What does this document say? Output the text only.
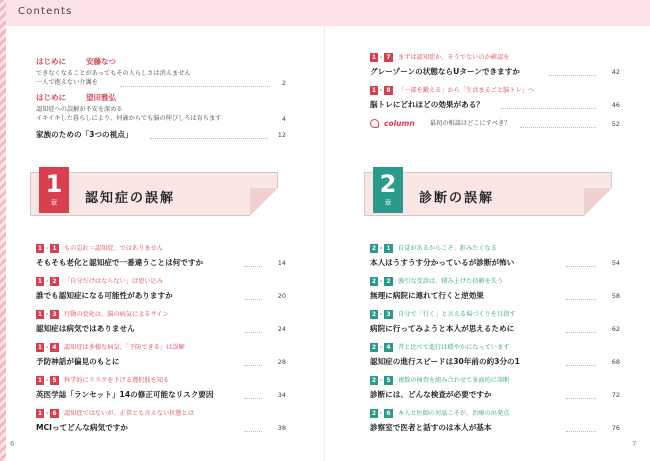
Contents
はじめに	安藤なつ
できなくなることがあってもその人らしさは消えません
一人で抱えない介護を	2
はじめに	望田雅弘
認知症への誤解が不安を深める
イキイキした暮らしにより、何歳からでも脳の伸びしろは育ちます	4
家族のための「3つの視点」	12
1 - 7	まずは認知症か、そうでないのか確認を
グレーゾーンの状態ならUターンできますか	42
1 - 8	「一部を鍛える」から「生活まるごと脳トレ」へ
脳トレにどれほどの効果がある？	46
column 最初の相談はどこにすべき？	52
1
章 認知症の誤解
2
章 診断の誤解
1 - 1	もの忘れ＝認知症、ではありません
そもそも老化と認知症で一番違うことは何ですか	14
1 - 2	「自分だけはならない」は思い込み
誰でも認知症になる可能性がありますか	20
1 - 3	行動の変化は、脳の病気によるサイン
認知症は病気ではありません	24
1 - 4	認知症は多様な病気、「予防できる」は誤解
予防神話が偏見のもとに	28
1 - 5	科学的にリスクを下げる選択肢を知る
英医学誌「ランセット」14の修正可能なリスク要因	34
1 - 6	認知症ではないが、正常とも言えない状態とは
MCIってどんな病気ですか	38
2 - 1	自覚があるからこそ、拒みたくなる
本人はうすうす分かっているが診断が怖い	54
2 - 2	強引な受診は、積み上げた信頼を失う
無理に病院に連れて行くと逆効果	58
2 - 3	自分で「行く」と言える場づくりを目指す
病院に行ってみようと本人が思えるために	62
2 - 4	昔と比べて進行は穏やかになっています
認知症の進行スピードは30年前の約3分の1	68
2 - 5	複数の検査を組み合わせて多面的に診断
診断には、どんな検査が必要ですか	72
2 - 6	本人と医師の対話こそが、治療の出発点
診察室で医者と話すのは本人が基本	76
6	7
